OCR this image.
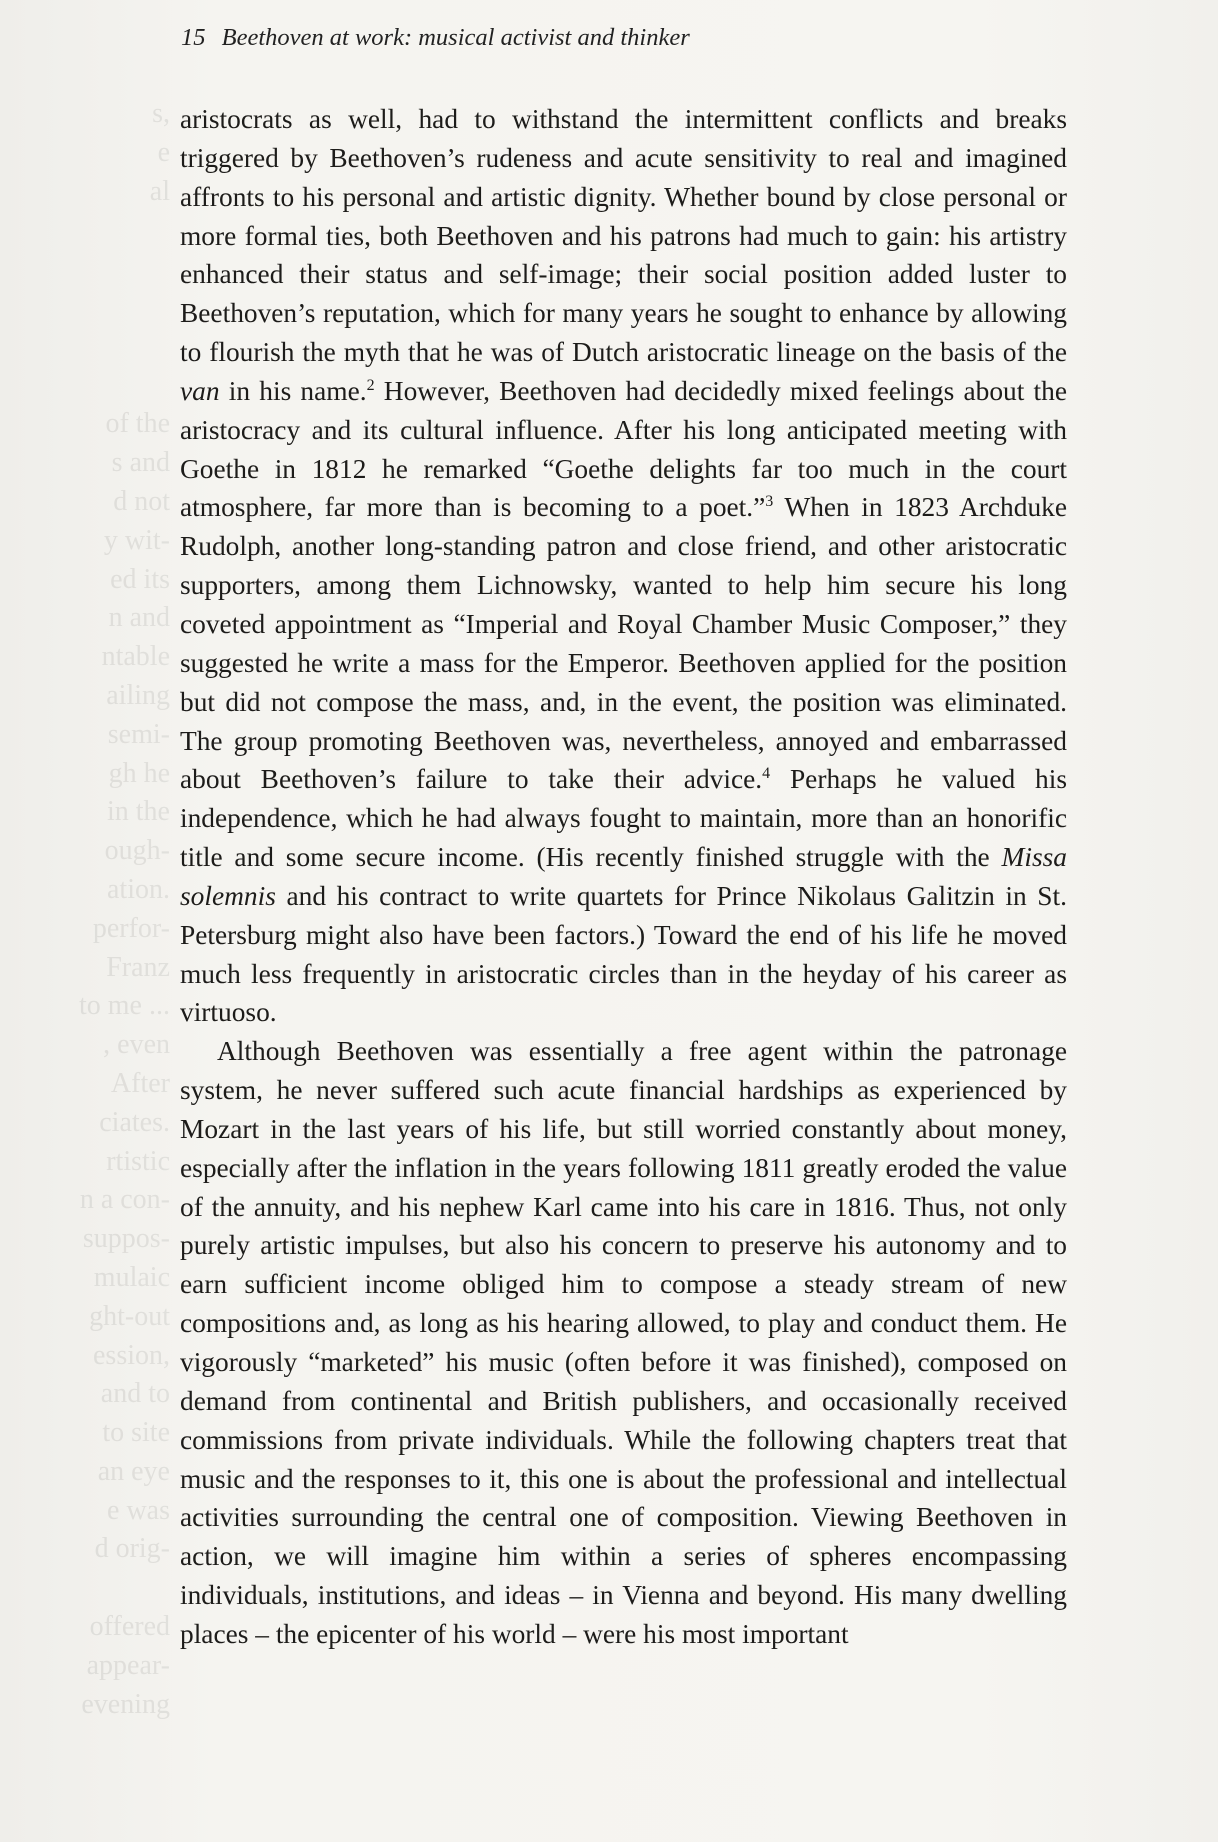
s,
e
al
of the
s and
d not
y wit-
ed its
n and
ntable
ailing
semi-
gh he
in the
ough-
ation.
perfor-
Franz
to me ...
, even
After
ciates.
rtistic
n a con-
suppos-
mulaic
ght-out
ession,
and to
to site
an eye
e was
d orig-
offered
appear-
evening
15 Beethoven at work: musical activist and thinker

aristocrats as well, had to withstand the intermittent conflicts and breaks triggered by Beethoven’s rudeness and acute sensitivity to real and imagined affronts to his personal and artistic dignity. Whether bound by close personal or more formal ties, both Beethoven and his patrons had much to gain: his artistry enhanced their status and self-image; their social position added luster to Beethoven’s reputation, which for many years he sought to enhance by allowing to flourish the myth that he was of Dutch aristocratic lineage on the basis of the van in his name.$^2$ However, Beethoven had decidedly mixed feelings about the aristocracy and its cultural influence. After his long anticipated meeting with Goethe in 1812 he remarked “Goethe delights far too much in the court atmosphere, far more than is becoming to a poet.”$^3$ When in 1823 Archduke Rudolph, another long-standing patron and close friend, and other aristocratic supporters, among them Lichnowsky, wanted to help him secure his long coveted appointment as “Imperial and Royal Chamber Music Composer,” they suggested he write a mass for the Emperor. Beethoven applied for the position but did not compose the mass, and, in the event, the position was eliminated. The group promoting Beethoven was, nevertheless, annoyed and embarrassed about Beethoven’s failure to take their advice.$^4$ Perhaps he valued his independence, which he had always fought to maintain, more than an honorific title and some secure income. (His recently finished struggle with the Missa solemnis and his contract to write quartets for Prince Nikolaus Galitzin in St. Petersburg might also have been factors.) Toward the end of his life he moved much less frequently in aristocratic circles than in the heyday of his career as virtuoso.

Although Beethoven was essentially a free agent within the patronage system, he never suffered such acute financial hardships as experienced by Mozart in the last years of his life, but still worried constantly about money, especially after the inflation in the years following 1811 greatly eroded the value of the annuity, and his nephew Karl came into his care in 1816. Thus, not only purely artistic impulses, but also his concern to preserve his autonomy and to earn sufficient income obliged him to compose a steady stream of new compositions and, as long as his hearing allowed, to play and conduct them. He vigorously “marketed” his music (often before it was finished), composed on demand from continental and British publishers, and occasionally received commissions from private individuals. While the following chapters treat that music and the responses to it, this one is about the professional and intellectual activities surrounding the central one of composition. Viewing Beethoven in action, we will imagine him within a series of spheres encompassing individuals, institutions, and ideas – in Vienna and beyond. His many dwelling places – the epicenter of his world – were his most important
